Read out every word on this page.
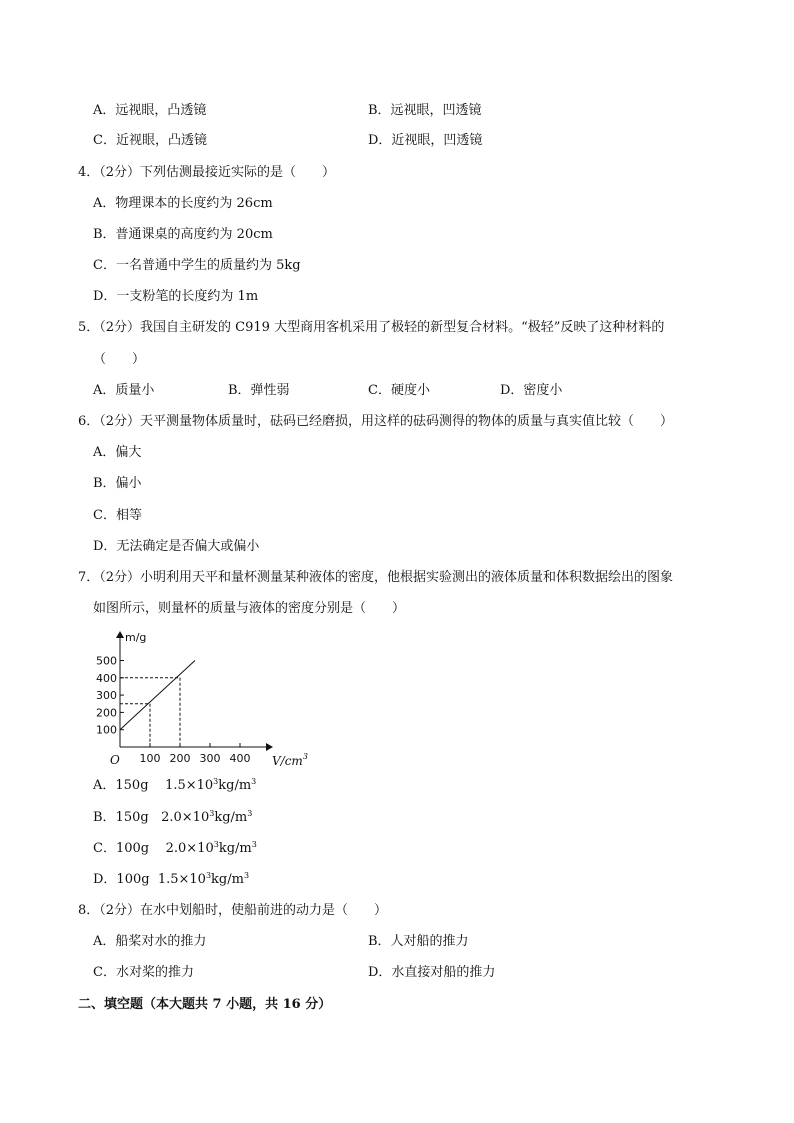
A．远视眼，凸透镜	B．远视眼，凹透镜
C．近视眼，凸透镜	D．近视眼，凹透镜
4．（2分）下列估测最接近实际的是（　　）
A．物理课本的长度约为 26cm
B．普通课桌的高度约为 20cm
C．一名普通中学生的质量约为 5kg
D．一支粉笔的长度约为 1m
5．（2分）我国自主研发的 C919 大型商用客机采用了极轻的新型复合材料。“极轻”反映了这种材料的
（　　）
A．质量小	B．弹性弱	C．硬度小	D．密度小
6．（2分）天平测量物体质量时，砝码已经磨损，用这样的砝码测得的物体的质量与真实值比较（　　）
A．偏大
B．偏小
C．相等
D．无法确定是否偏大或偏小
7．（2分）小明利用天平和量杯测量某种液体的密度，他根据实验测出的液体质量和体积数据绘出的图象
如图所示，则量杯的质量与液体的密度分别是（　　）
100 200 300 400
100
200
300
400
500
m/g
$V/cm^3$
O
A．150g $1.5\times 10^3kg/m^3$
B．150g $2.0\times 10^3kg/m^3$
C．100g $2.0\times 10^3kg/m^3$
D．100g $1.5\times 10^3kg/m^3$
8．（2分）在水中划船时，使船前进的动力是（　　）
A．船桨对水的推力	B．人对船的推力
C．水对桨的推力	D．水直接对船的推力
二、填空题（本大题共 7 小题，共 16 分）
